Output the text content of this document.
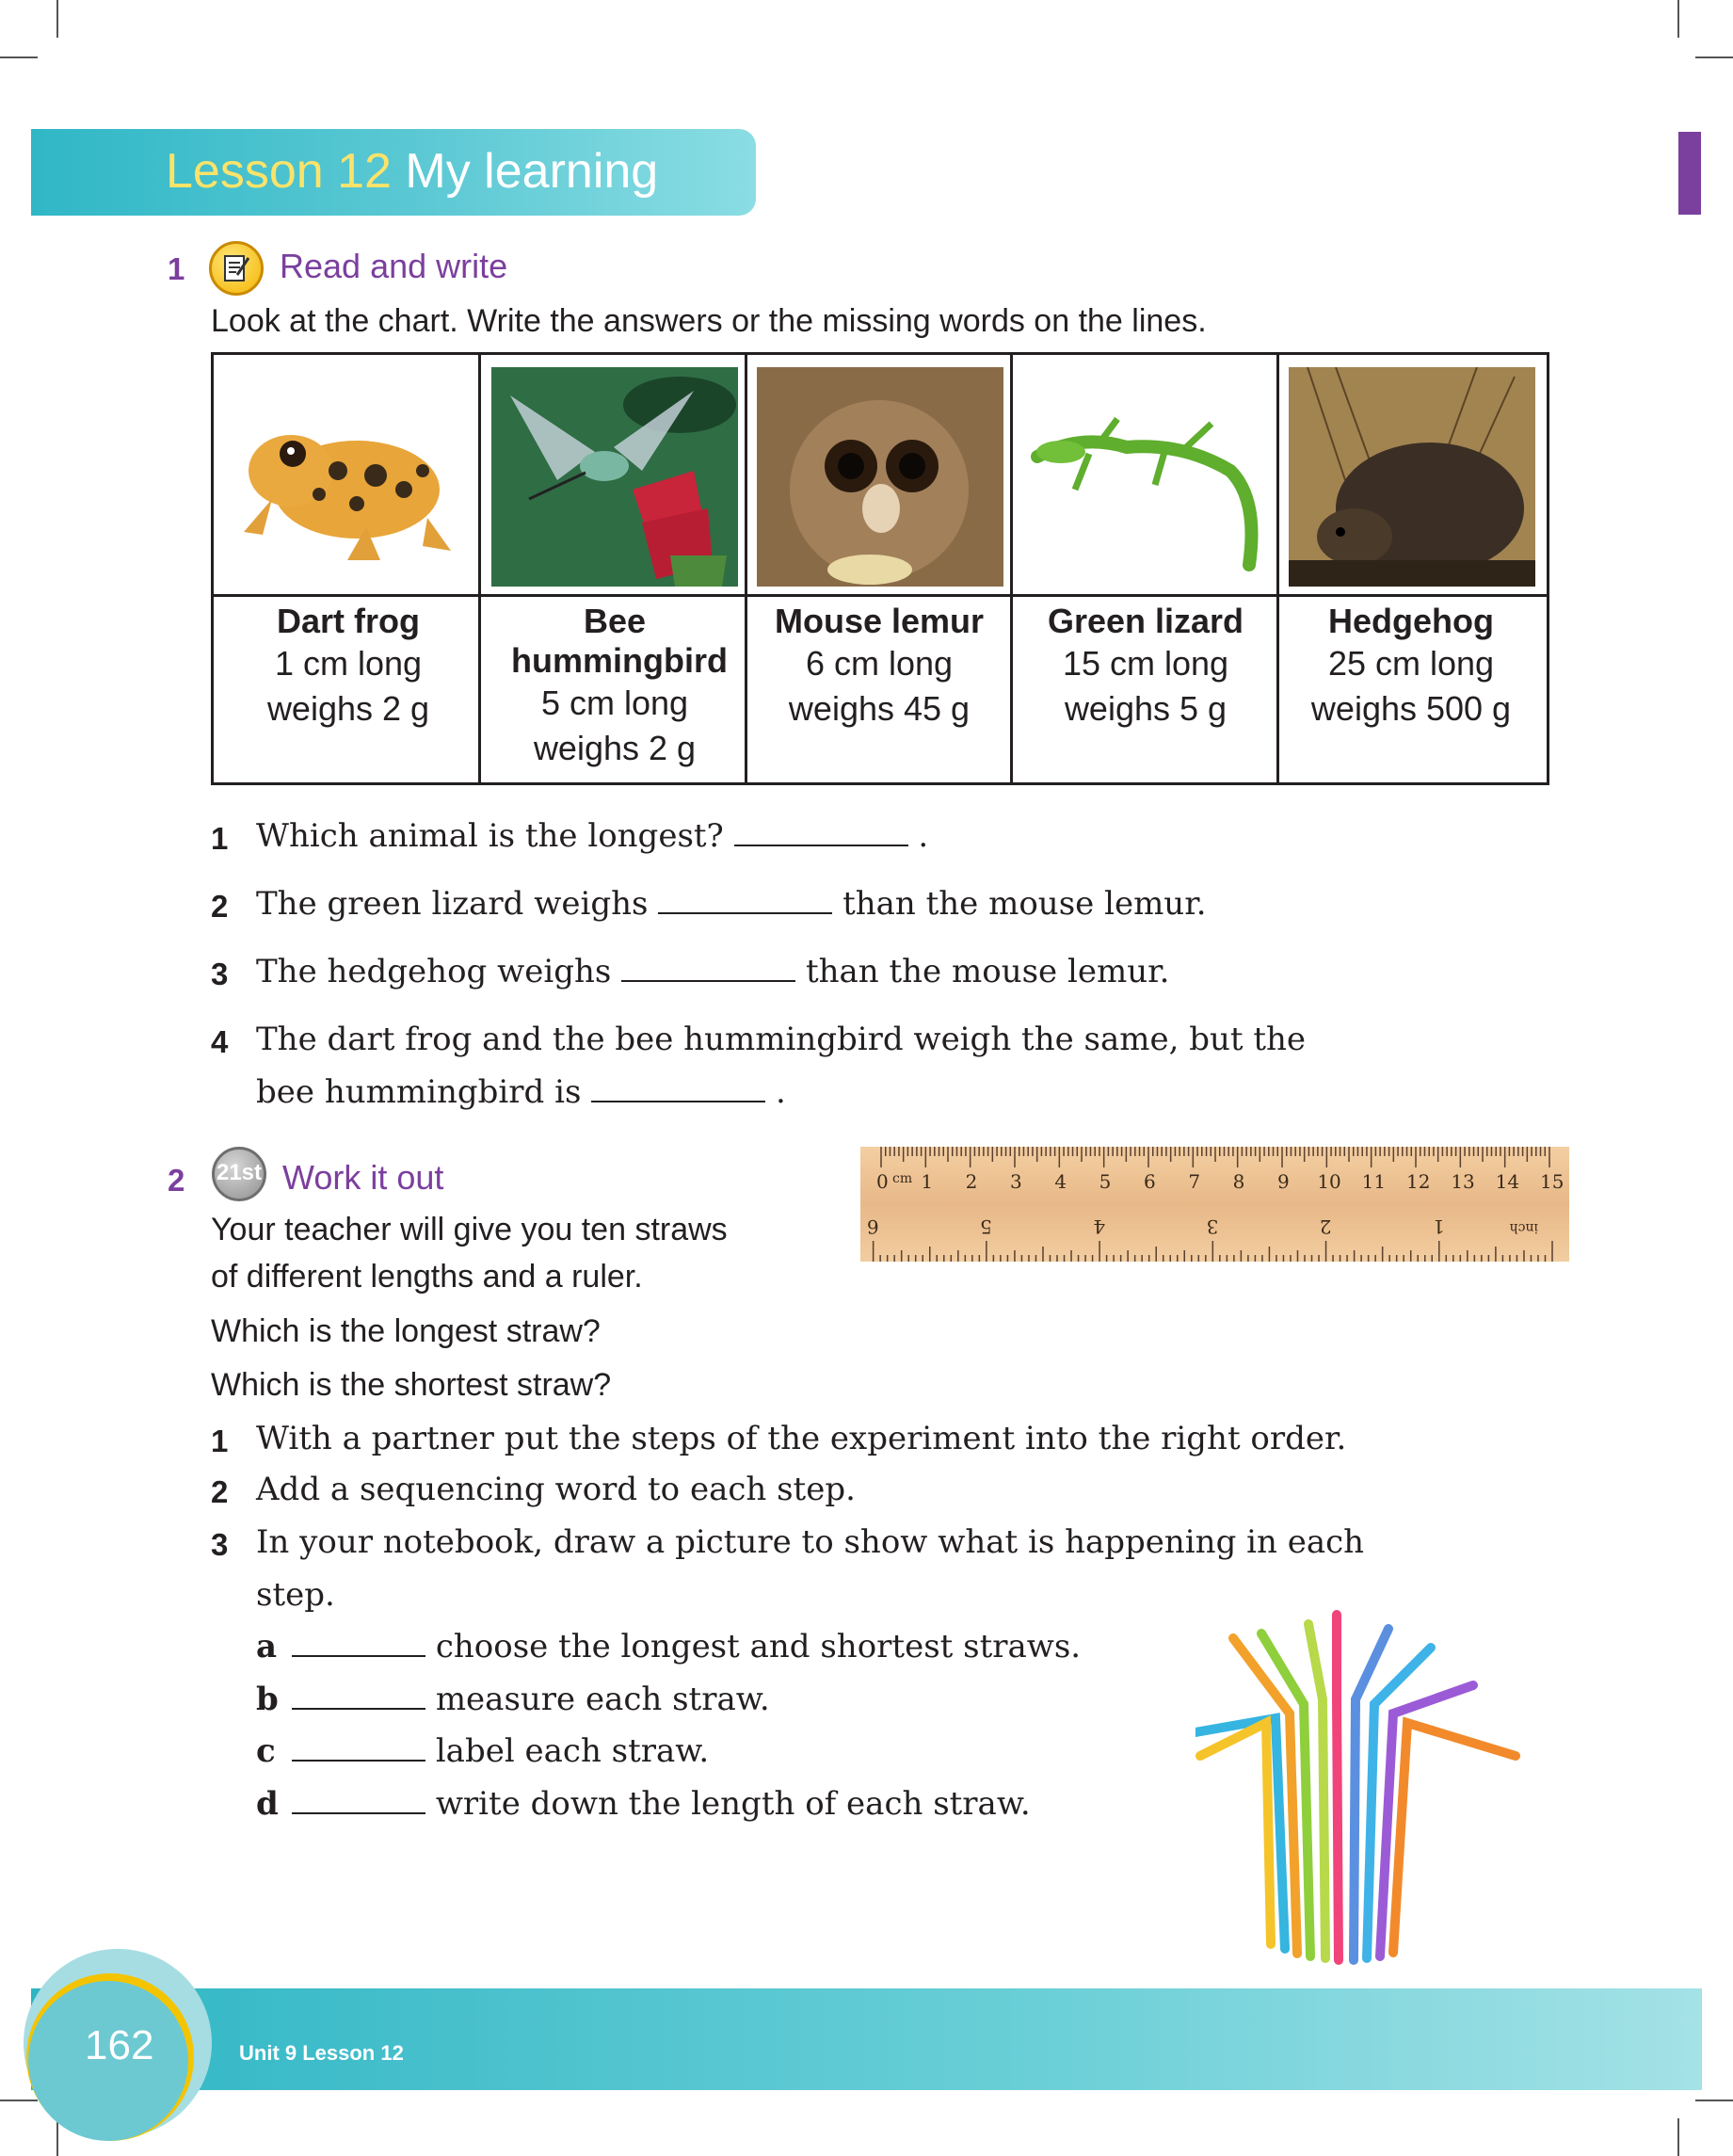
Lesson 12 My learning
1	Read and write
Look at the chart. Write the answers or the missing words on the lines.
Dart frog
1 cm long
weighs 2 g
Bee hummingbird
5 cm long
weighs 2 g
Mouse lemur
6 cm long
weighs 45 g
Green lizard
15 cm long
weighs 5 g
Hedgehog
25 cm long
weighs 500 g
1 Which animal is the longest?	.
2 The green lizard weighs	than the mouse lemur.
3 The hedgehog weighs	than the mouse lemur.
4 The dart frog and the bee hummingbird weigh the same, but the
bee hummingbird is	.
2 21st Work it out
Your teacher will give you ten straws
of different lengths and a ruler.
Which is the longest straw?
Which is the shortest straw?
0 1 2 3 4 5 6 7 8 9 10 11 12 13 14 15
cm
6	5	4	3	2	1	inch
1 With a partner put the steps of the experiment into the right order.
2 Add a sequencing word to each step.
3 In your notebook, draw a picture to show what is happening in each
step.
a	choose the longest and shortest straws.
b	measure each straw.
c	label each straw.
d	write down the length of each straw.
162	Unit 9 Lesson 12
